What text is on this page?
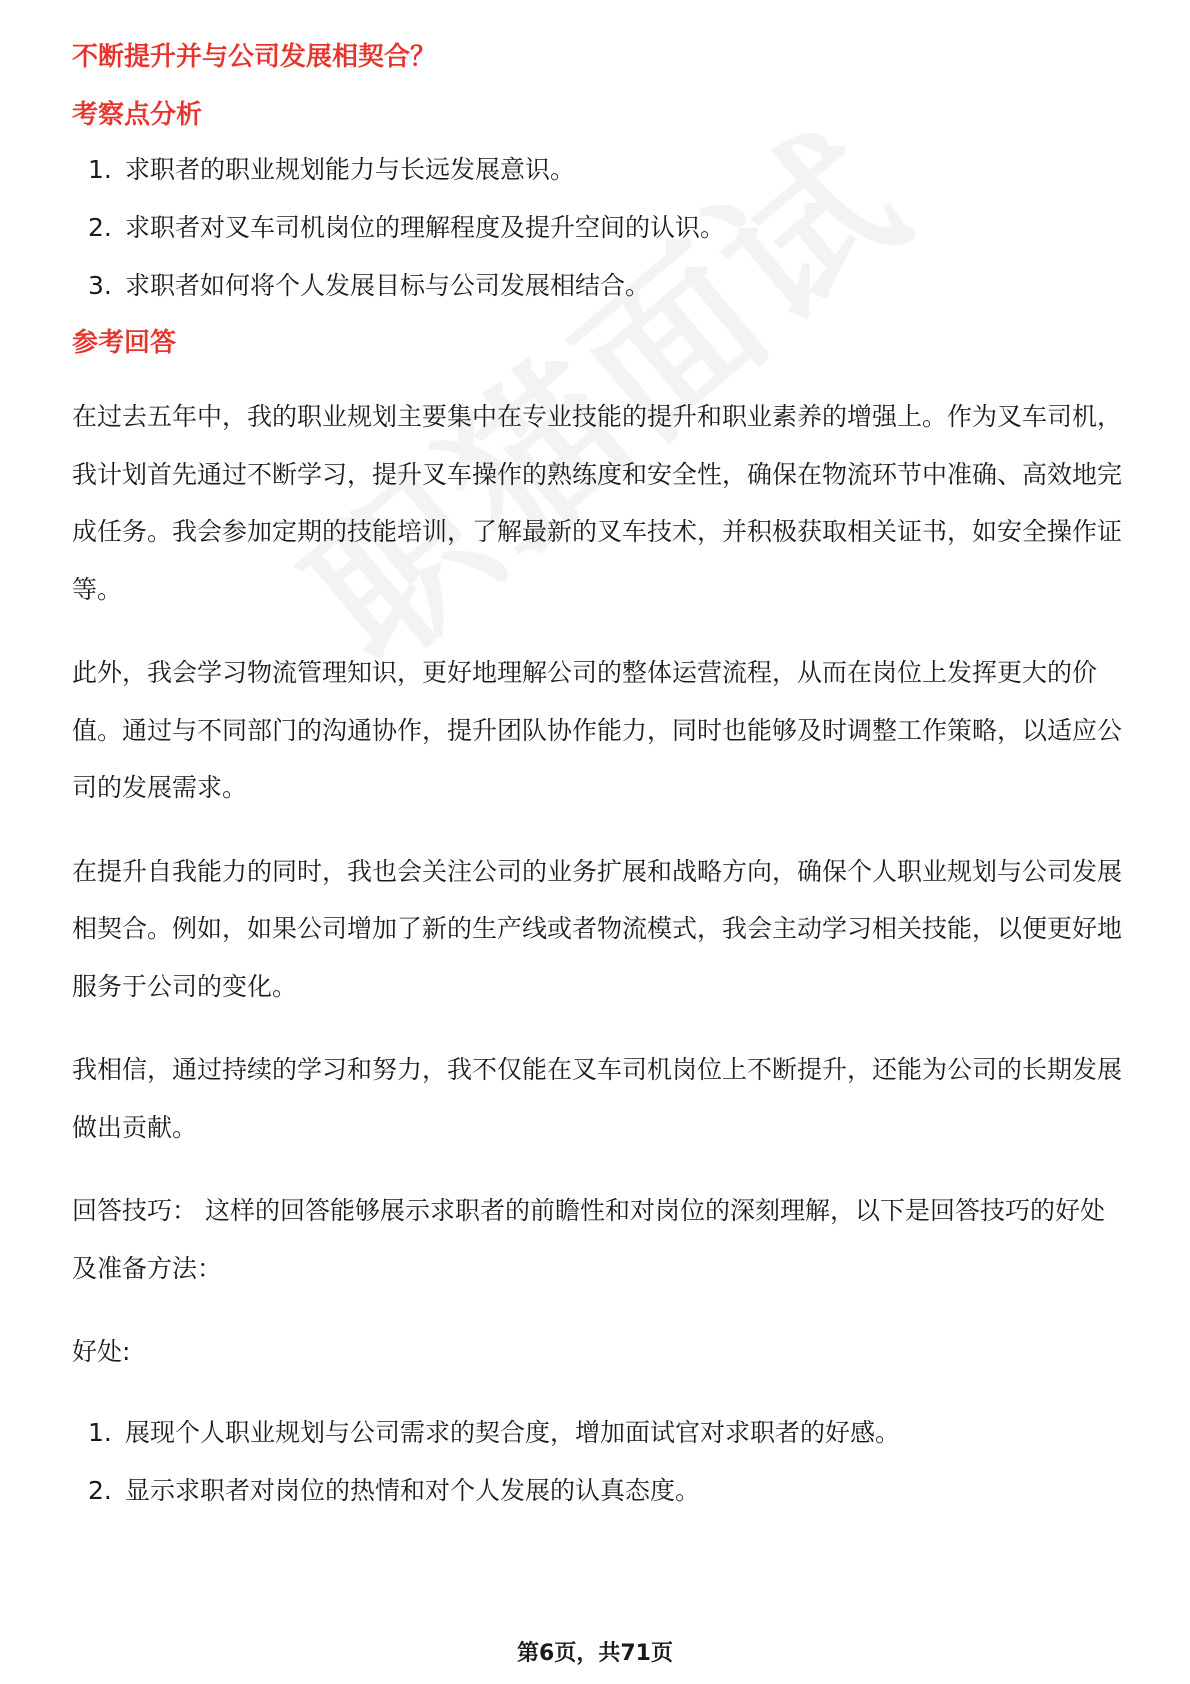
不断提升并与公司发展相契合？
考察点分析
1. 求职者的职业规划能力与长远发展意识。
2. 求职者对叉车司机岗位的理解程度及提升空间的认识。
3. 求职者如何将个人发展目标与公司发展相结合。
参考回答

在过去五年中，我的职业规划主要集中在专业技能的提升和职业素养的增强上。作为叉车司机，我计划首先通过不断学习，提升叉车操作的熟练度和安全性，确保在物流环节中准确、高效地完成任务。我会参加定期的技能培训，了解最新的叉车技术，并积极获取相关证书，如安全操作证等。

此外，我会学习物流管理知识，更好地理解公司的整体运营流程，从而在岗位上发挥更大的价值。通过与不同部门的沟通协作，提升团队协作能力，同时也能够及时调整工作策略，以适应公司的发展需求。

在提升自我能力的同时，我也会关注公司的业务扩展和战略方向，确保个人职业规划与公司发展相契合。例如，如果公司增加了新的生产线或者物流模式，我会主动学习相关技能，以便更好地服务于公司的变化。

我相信，通过持续的学习和努力，我不仅能在叉车司机岗位上不断提升，还能为公司的长期发展做出贡献。

回答技巧： 这样的回答能够展示求职者的前瞻性和对岗位的深刻理解，以下是回答技巧的好处及准备方法：

好处:

1. 展现个人职业规划与公司需求的契合度，增加面试官对求职者的好感。
2. 显示求职者对岗位的热情和对个人发展的认真态度。
第6页，共71页
